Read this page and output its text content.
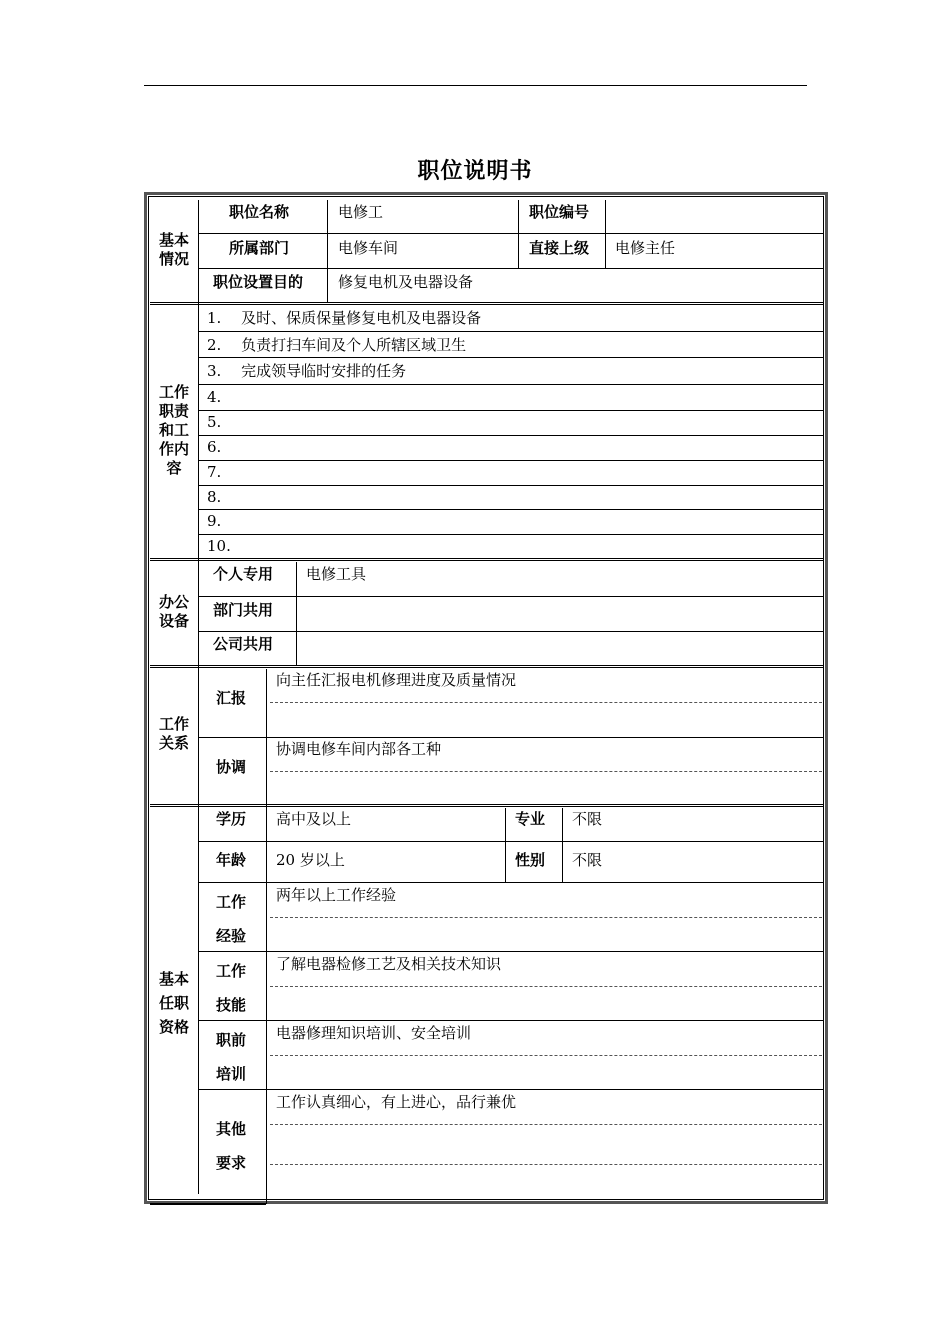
职位说明书
基本
情况
职位名称	电修工	职位编号
所属部门	电修车间	直接上级 电修主任
职位设置目的 修复电机及电器设备
工作
职责
和工
作内
容
1.　 及时、保质保量修复电机及电器设备
2.　 负责打扫车间及个人所辖区域卫生
3.　 完成领导临时安排的任务
4.
5.
6.
7.
8.
9.
10.
办公
设备
个人专用 电修工具
部门共用
公司共用
工作
关系
汇报
向主任汇报电机修理进度及质量情况
协调
协调电修车间内部各工种
基本
任职
资格
学历 高中及以上	专业 不限
年龄 20 岁以上	性别 不限
工作
经验
两年以上工作经验
工作
技能
了解电器检修工艺及相关技术知识
职前
培训
电器修理知识培训、安全培训
其他
要求
工作认真细心，有上进心，品行兼优
